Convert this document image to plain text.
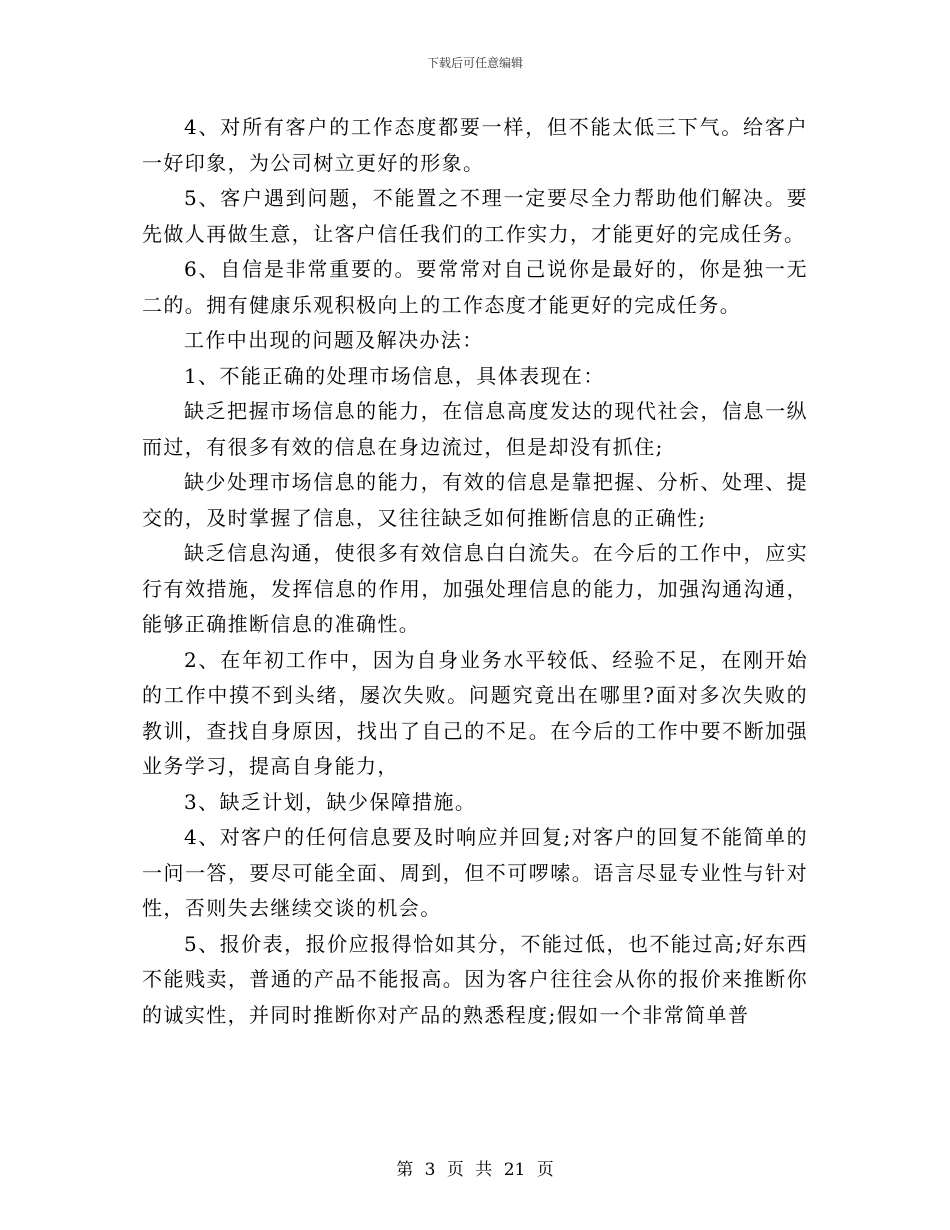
下载后可任意编辑

4、对所有客户的工作态度都要一样，但不能太低三下气。给客户一好印象，为公司树立更好的形象。

5、客户遇到问题，不能置之不理一定要尽全力帮助他们解决。要先做人再做生意，让客户信任我们的工作实力，才能更好的完成任务。

6、自信是非常重要的。要常常对自己说你是最好的，你是独一无二的。拥有健康乐观积极向上的工作态度才能更好的完成任务。

工作中出现的问题及解决办法：

1、不能正确的处理市场信息，具体表现在：

缺乏把握市场信息的能力，在信息高度发达的现代社会，信息一纵而过，有很多有效的信息在身边流过，但是却没有抓住;

缺少处理市场信息的能力，有效的信息是靠把握、分析、处理、提交的，及时掌握了信息，又往往缺乏如何推断信息的正确性;

缺乏信息沟通，使很多有效信息白白流失。在今后的工作中，应实行有效措施，发挥信息的作用，加强处理信息的能力，加强沟通沟通，能够正确推断信息的准确性。

2、在年初工作中，因为自身业务水平较低、经验不足，在刚开始的工作中摸不到头绪，屡次失败。问题究竟出在哪里?面对多次失败的教训，查找自身原因，找出了自己的不足。在今后的工作中要不断加强业务学习，提高自身能力，

3、缺乏计划，缺少保障措施。

4、对客户的任何信息要及时响应并回复;对客户的回复不能简单的一问一答，要尽可能全面、周到，但不可啰嗦。语言尽显专业性与针对性，否则失去继续交谈的机会。

5、报价表，报价应报得恰如其分，不能过低，也不能过高;好东西不能贱卖，普通的产品不能报高。因为客户往往会从你的报价来推断你的诚实性，并同时推断你对产品的熟悉程度;假如一个非常简单普

第 3 页 共 21 页
